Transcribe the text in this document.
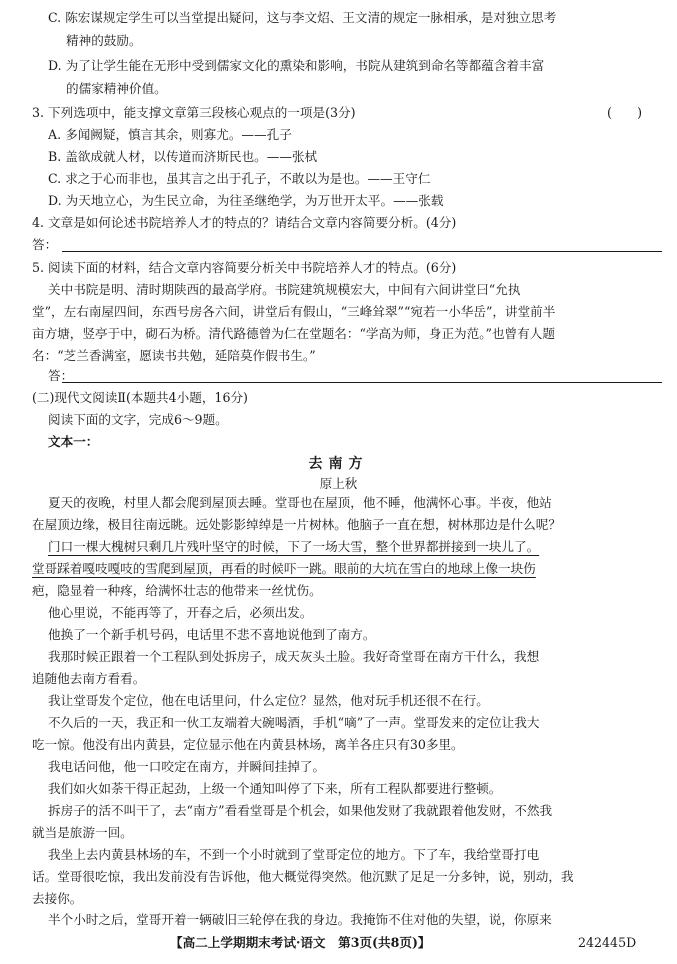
C. 陈宏谋规定学生可以当堂提出疑问，这与李文炤、王文清的规定一脉相承，是对独立思考
精神的鼓励。
D. 为了让学生能在无形中受到儒家文化的熏染和影响，书院从建筑到命名等都蕴含着丰富
的儒家精神价值。
3. 下列选项中，能支撑文章第三段核心观点的一项是(3分)	(　　)
A. 多闻阙疑，慎言其余，则寡尤。——孔子
B. 盖欲成就人材，以传道而济斯民也。——张栻
C. 求之于心而非也，虽其言之出于孔子，不敢以为是也。——王守仁
D. 为天地立心，为生民立命，为往圣继绝学，为万世开太平。——张载
4. 文章是如何论述书院培养人才的特点的？请结合文章内容简要分析。(4分)
答：
5. 阅读下面的材料，结合文章内容简要分析关中书院培养人才的特点。(6分)
关中书院是明、清时期陕西的最高学府。书院建筑规模宏大，中间有六间讲堂曰“允执
堂”，左右南屋四间，东西号房各六间，讲堂后有假山，“三峰耸翠”“宛若一小华岳”，讲堂前半
亩方塘，竖亭于中，砌石为桥。清代路德曾为仁在堂题名：“学高为师，身正为范。”也曾有人题
名：“芝兰香满室，愿读书共勉，延陪莫作假书生。”
答：
(二)现代文阅读Ⅱ(本题共4小题，16分)
阅读下面的文字，完成6～9题。
文本一：
去南方
原上秋
夏天的夜晚，村里人都会爬到屋顶去睡。堂哥也在屋顶，他不睡，他满怀心事。半夜，他站
在屋顶边缘，极目往南远眺。远处影影绰绰是一片树林。他脑子一直在想，树林那边是什么呢？
门口一棵大槐树只剩几片残叶坚守的时候，下了一场大雪，整个世界都拼接到一块儿了。
堂哥踩着嘎吱嘎吱的雪爬到屋顶，再看的时候吓一跳。眼前的大坑在雪白的地球上像一块伤
疤，隐显着一种疼，给满怀壮志的他带来一丝忧伤。
他心里说，不能再等了，开春之后，必须出发。
他换了一个新手机号码，电话里不悲不喜地说他到了南方。
我那时候正跟着一个工程队到处拆房子，成天灰头土脸。我好奇堂哥在南方干什么，我想
追随他去南方看看。
我让堂哥发个定位，他在电话里问，什么定位？显然，他对玩手机还很不在行。
不久后的一天，我正和一伙工友端着大碗喝酒，手机“嘀”了一声。堂哥发来的定位让我大
吃一惊。他没有出内黄县，定位显示他在内黄县林场，离羊各庄只有30多里。
我电话问他，他一口咬定在南方，并瞬间挂掉了。
我们如火如荼干得正起劲，上级一个通知叫停了下来，所有工程队都要进行整顿。
拆房子的活不叫干了，去“南方”看看堂哥是个机会，如果他发财了我就跟着他发财，不然我
就当是旅游一回。
我坐上去内黄县林场的车，不到一个小时就到了堂哥定位的地方。下了车，我给堂哥打电
话。堂哥很吃惊，我出发前没有告诉他，他大概觉得突然。他沉默了足足一分多钟，说，别动，我
去接你。
【高二上学期期末考试·语文　第3页(共8页)】	242445D
半个小时之后，堂哥开着一辆破旧三轮停在我的身边。我掩饰不住对他的失望，说，你原来
